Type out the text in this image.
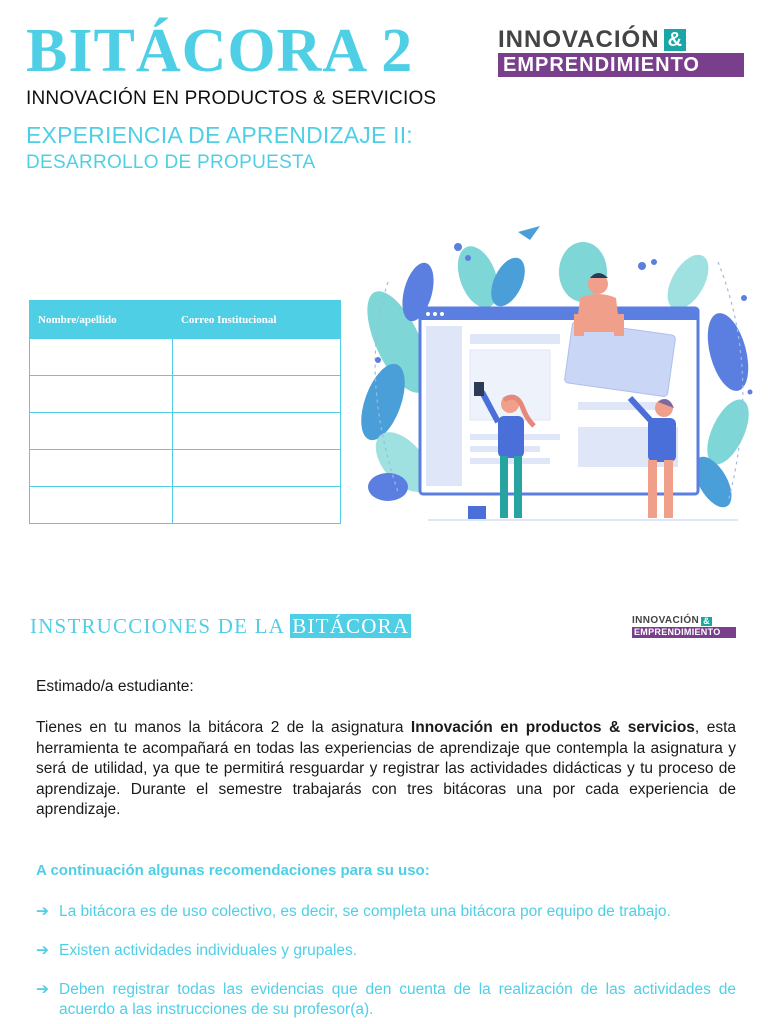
BITÁCORA 2
INNOVACIÓN EN PRODUCTOS & SERVICIOS
EXPERIENCIA DE APRENDIZAJE II:
DESARROLLO DE PROPUESTA
INNOVACIÓN &
EMPRENDIMIENTO
Nombre/apellido	Correo Institucional

INSTRUCCIONES DE LA BITÁCORA	INNOVACIÓN &
EMPRENDIMIENTO
Estimado/a estudiante:

Tienes en tu manos la bitácora 2 de la asignatura Innovación en productos & servicios, esta herramienta te acompañará en todas las experiencias de aprendizaje que contempla la asignatura y será de utilidad, ya que te permitirá resguardar y registrar las actividades didácticas y tu proceso de aprendizaje. Durante el semestre trabajarás con tres bitácoras una por cada experiencia de aprendizaje.

A continuación algunas recomendaciones para su uso:
➔ La bitácora es de uso colectivo, es decir, se completa una bitácora por equipo de trabajo.
➔ Existen actividades individuales y grupales.
➔ Deben registrar todas las evidencias que den cuenta de la realización de las actividades de acuerdo a las instrucciones de su profesor(a).
